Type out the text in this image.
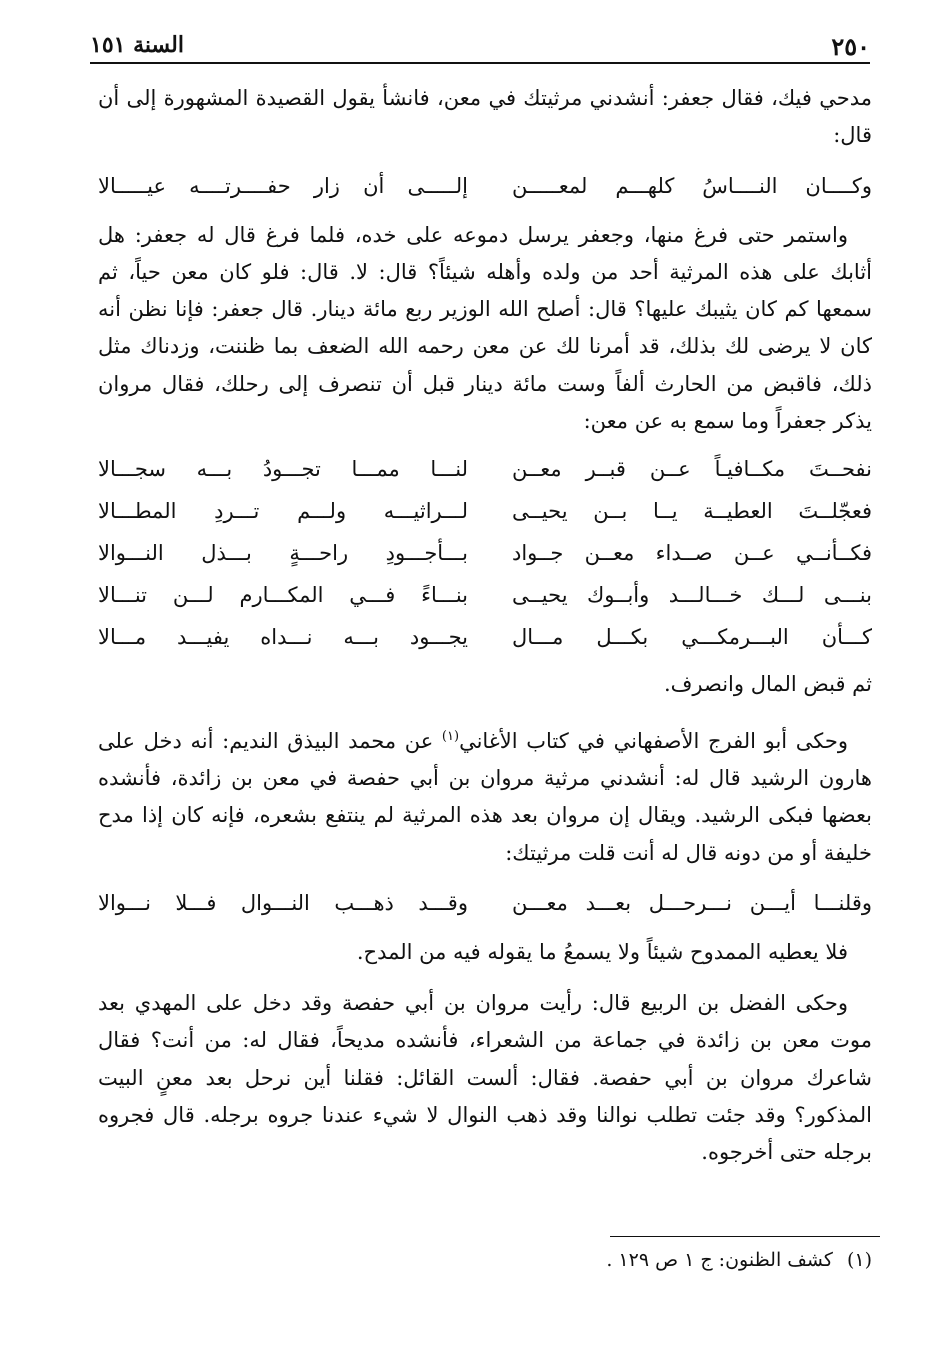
٢٥٠
السنة ١٥١

مدحي فيك، فقال جعفر: أنشدني مرثيتك في معن، فانشأ يقول القصيدة المشهورة إلى أن قال:

وكــــان النــــاسُ كلهـــم لمعـــــن
إلـــــى أن زار حفــــرتــــه عيـــــالا

واستمر حتى فرغ منها، وجعفر يرسل دموعه على خده، فلما فرغ قال له جعفر: هل أثابك على هذه المرثية أحد من ولده وأهله شيئاً؟ قال: لا. قال: فلو كان معن حياً، ثم سمعها كم كان يثيبك عليها؟ قال: أصلح الله الوزير ربع مائة دينار. قال جعفر: فإنا نظن أنه كان لا يرضى لك بذلك، قد أمرنا لك عن معن رحمه الله الضعف بما ظننت، وزدناك مثل ذلك، فاقبض من الحارث ألفاً وست مائة دينار قبل أن تنصرف إلى رحلك، فقال مروان يذكر جعفراً وما سمع به عن معن:

نفحــتَ مكــافيـاً عــن قبــر معــن
لنـــا ممـــا تجـــودُ بـــه سجـــالا
فعجّلــتَ العطيــة يــا بــن يحيــى
لـــراثيـــه ولـــم تـــردِ المطـــالا
فكــأنــي عــن صــداء معــن جــواد
بـــأجـــودِ راحـــةٍ بـــذل النـــوالا
بنـــى لـــك خـــالـــد وأبــوك يحيــى
بنـــاءً فـــي المكـــارم لـــن تنـــالا
كـــأن البـــرمكـــي بكـــل مـــال
يجـــود بـــه نـــداه يفيـــد مـــالا

ثم قبض المال وانصرف.

وحكى أبو الفرج الأصفهاني في كتاب الأغاني$^{(١)}$ عن محمد البيذق النديم: أنه دخل على هارون الرشيد قال له: أنشدني مرثية مروان بن أبي حفصة في معن بن زائدة، فأنشده بعضها فبكى الرشيد. ويقال إن مروان بعد هذه المرثية لم ينتفع بشعره، فإنه كان إذا مدح خليفة أو من دونه قال له أنت قلت مرثيتك:

وقلنـــا أيـــن نـــرحـــل بعـــد معـــن
وقـــد ذهـــب النـــوال فـــلا نـــوالا

فلا يعطيه الممدوح شيئاً ولا يسمعُ ما يقوله فيه من المدح.

وحكى الفضل بن الربيع قال: رأيت مروان بن أبي حفصة وقد دخل على المهدي بعد موت معن بن زائدة في جماعة من الشعراء، فأنشده مديحاً، فقال له: من أنت؟ فقال شاعرك مروان بن أبي حفصة. فقال: ألست القائل: فقلنا أين نرحل بعد معنٍ البيت المذكور؟ وقد جئت تطلب نوالنا وقد ذهب النوال لا شيء عندنا جروه برجله. قال فجروه برجله حتى أخرجوه.

(١)كشف الظنون: ج ١ ص ١٢٩ .
